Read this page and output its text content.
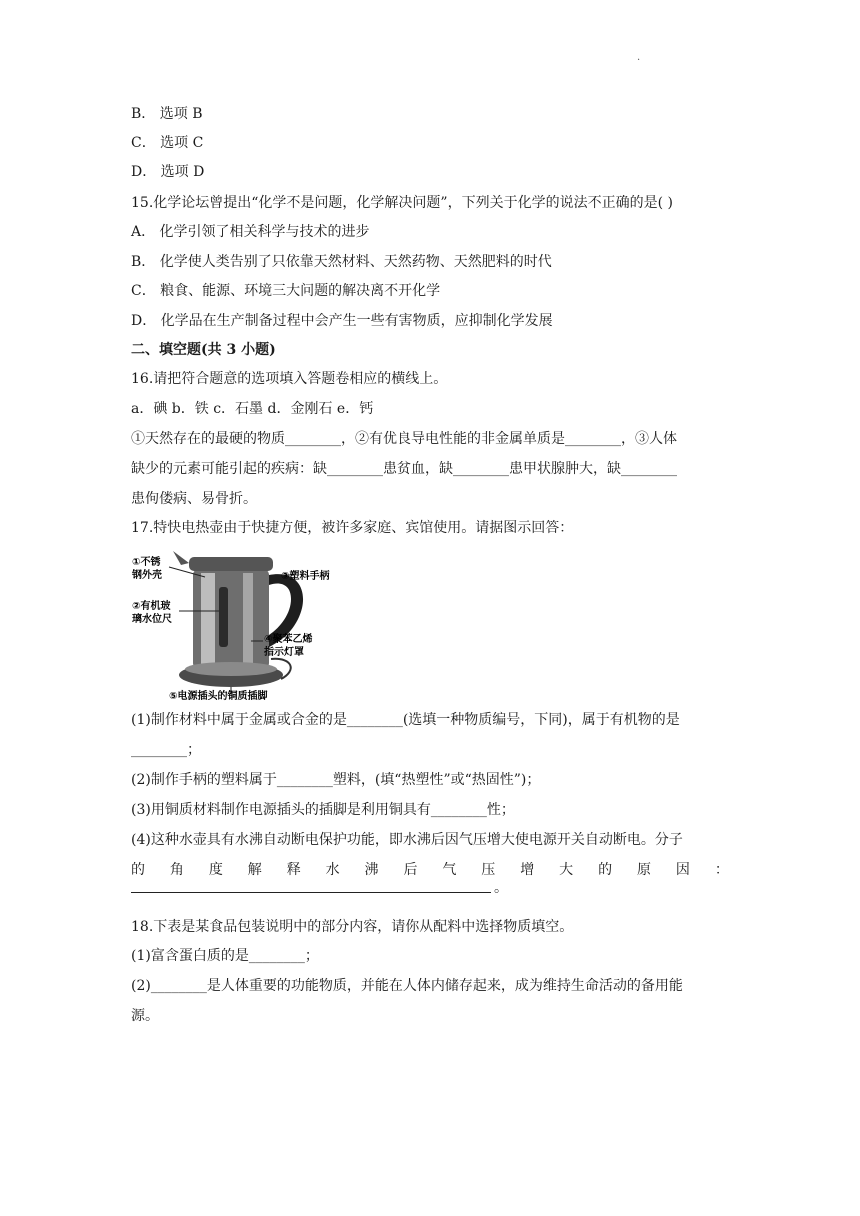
.
B． 选项 B
C． 选项 C
D． 选项 D
15.化学论坛曾提出“化学不是问题，化学解决问题”，下列关于化学的说法不正确的是( )
A． 化学引领了相关科学与技术的进步
B． 化学使人类告别了只依靠天然材料、天然药物、天然肥料的时代
C． 粮食、能源、环境三大问题的解决离不开化学
D． 化学品在生产制备过程中会产生一些有害物质，应抑制化学发展
二、填空题(共 3 小题)
16.请把符合题意的选项填入答题卷相应的横线上。
a．碘 b．铁 c．石墨 d．金刚石 e．钙
①天然存在的最硬的物质________，②有优良导电性能的非金属单质是________，③人体
缺少的元素可能引起的疾病：缺________患贫血，缺________患甲状腺肿大，缺________
患佝偻病、易骨折。
17.特快电热壶由于快捷方便，被许多家庭、宾馆使用。请据图示回答：
①不锈
钢外壳
②有机玻
璃水位尺
③塑料手柄
④聚苯乙烯
指示灯罩
⑤电源插头的铜质插脚
(1)制作材料中属于金属或合金的是________(选填一种物质编号，下同)，属于有机物的是
________；
(2)制作手柄的塑料属于________塑料，(填“热塑性”或“热固性”)；
(3)用铜质材料制作电源插头的插脚是利用铜具有________性；
(4)这种水壶具有水沸自动断电保护功能，即水沸后因气压增大使电源开关自动断电。分子
的 角 度 解 释 水 沸 后 气 压 增 大 的 原 因 ：
。
18.下表是某食品包装说明中的部分内容，请你从配料中选择物质填空。
(1)富含蛋白质的是________；
(2)________是人体重要的功能物质，并能在人体内储存起来，成为维持生命活动的备用能
源。
